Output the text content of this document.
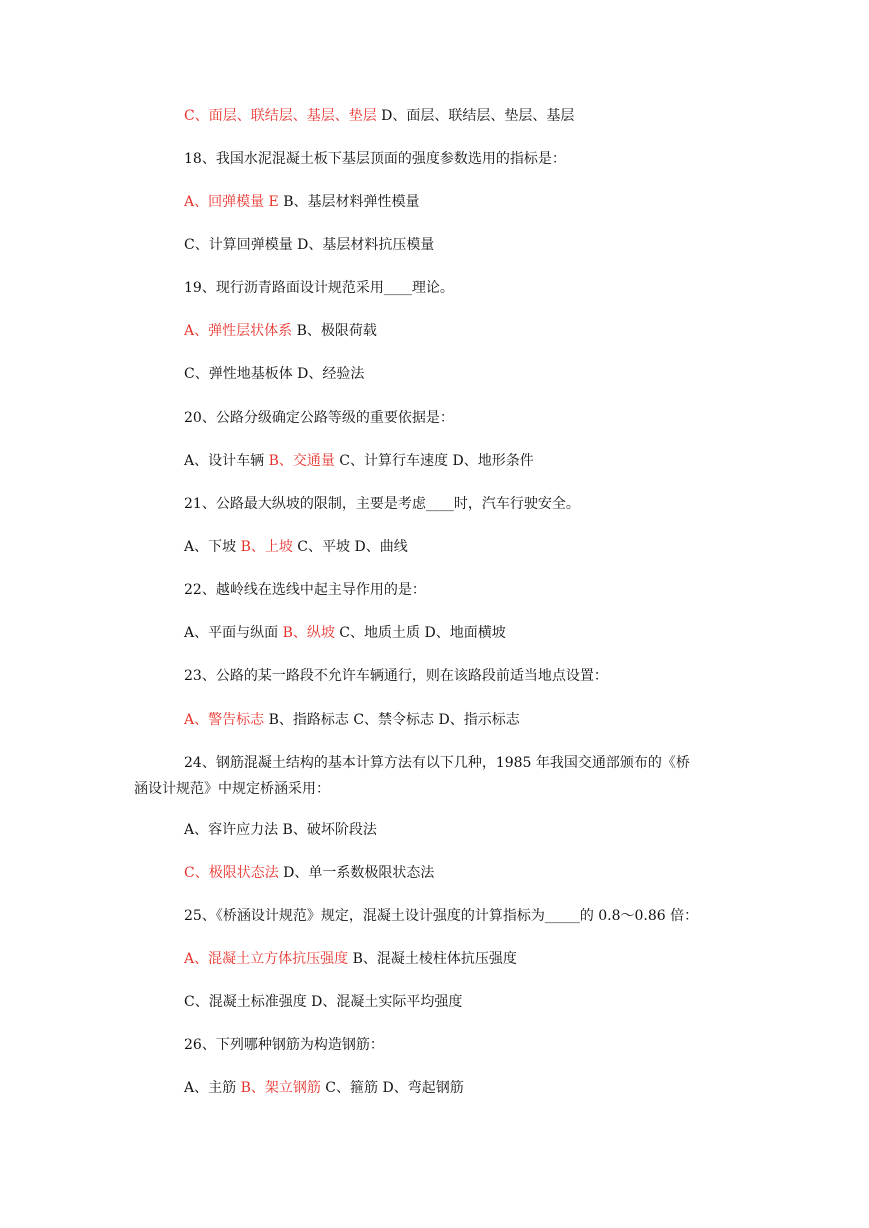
C、面层、联结层、基层、垫层 D、面层、联结层、垫层、基层
18、我国水泥混凝土板下基层顶面的强度参数选用的指标是：
A、回弹模量 E B、基层材料弹性模量
C、计算回弹模量 D、基层材料抗压模量
19、现行沥青路面设计规范采用____理论。
A、弹性层状体系 B、极限荷载
C、弹性地基板体 D、经验法
20、公路分级确定公路等级的重要依据是：
A、设计车辆 B、交通量 C、计算行车速度 D、地形条件
21、公路最大纵坡的限制，主要是考虑____时，汽车行驶安全。
A、下坡 B、上坡 C、平坡 D、曲线
22、越岭线在选线中起主导作用的是：
A、平面与纵面 B、纵坡 C、地质土质 D、地面横坡
23、公路的某一路段不允许车辆通行，则在该路段前适当地点设置：
A、警告标志 B、指路标志 C、禁令标志 D、指示标志
24、钢筋混凝土结构的基本计算方法有以下几种，1985 年我国交通部颁布的《桥涵设计规范》中规定桥涵采用：
A、容许应力法 B、破坏阶段法
C、极限状态法 D、单一系数极限状态法
25、《桥涵设计规范》规定，混凝土设计强度的计算指标为_____的 0.8～0.86 倍：
A、混凝土立方体抗压强度 B、混凝土棱柱体抗压强度
C、混凝土标准强度 D、混凝土实际平均强度
26、下列哪种钢筋为构造钢筋：
A、主筋 B、架立钢筋 C、箍筋 D、弯起钢筋
